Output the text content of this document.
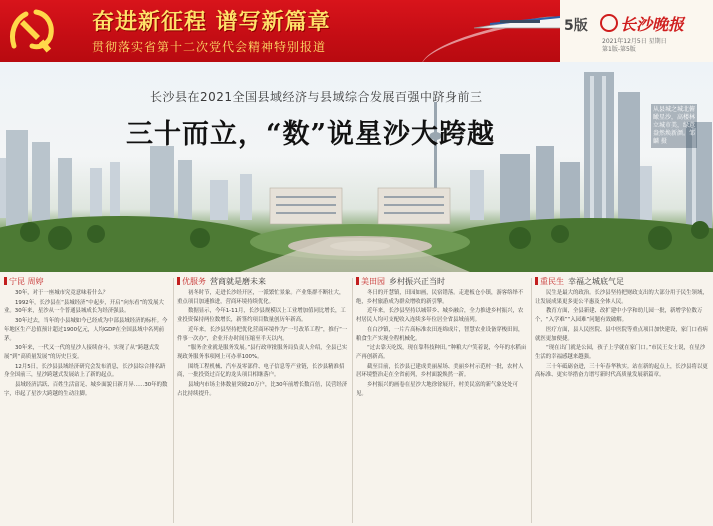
奋进新征程 谱写新篇章
贯彻落实省第十二次党代会精神特别报道
5版	长沙晚报
2021年12月5日 星期日
第1版-第5版
长沙县在2021全国县域经济与县域综合发展百强中跻身前三
三十而立，“数”说星沙大跨越
从县城之城北俯瞰星沙，高楼林立城市美，绿意盎然焕新颜。邹麟 摄
宁昆 周婷

30年，对于一座城市究竟意味着什么？

1992年，长沙县在“县城经济”中起步，开启“向东看”的发展大业。30年来，星沙从一个普通县城成长为经济强县。

30年过去，当年的小县城如今已经成为中部县域经济的标杆。今年地区生产总值预计超过1900亿元，人均GDP在全国县域中名列前茅。

30年来，一代又一代的星沙人接续奋斗，实现了从“跨越式发展”到“高质量发展”的历史巨变。

12月5日，长沙县县域经济研究会发布消息，长沙县综合排名跻身全国前三，星沙跨越式发展站上了新的起点。

县域经济活跃、百姓生活富足、城乡面貌日新月异……30年的数字，串起了星沙大跨越的生动注脚。

优服务 营商就是磨未来

初冬时节，走进长沙经开区，一派繁忙景象。产业集群不断壮大，重点项目加速推进，营商环境持续优化。

数据显示，今年1-11月，长沙县规模以上工业增加值同比增长，工业投资保持两位数增长，新签约项目数量创历年新高。

近年来，长沙县坚持把优化营商环境作为“一号改革工程”，推行“一件事一次办”，企业开办时间压缩至半天以内。

“服务企业就是服务发展。”县行政审批服务局负责人介绍，全县已实现政务服务事项网上可办率100%。

围绕工程机械、汽车及零部件、电子信息等产业链，长沙县精准招商，一批投资过百亿的龙头项目相继落户。

县域内市场主体数量突破20万户，比30年前增长数百倍，民营经济占比持续提升。

美田园 乡村振兴正当时

冬日的开慧镇，田园如画，民宿错落。走进板仓小镇，游客络绎不绝，乡村旅游成为群众增收的新引擎。

近年来，长沙县坚持以城带乡、城乡融合，全力推进乡村振兴，农村居民人均可支配收入连续多年位居全省县域前列。

在白沙镇，一片片高标准农田连绵成片，智慧农业设备穿梭田间，粮食生产实现全程机械化。

“过去靠天吃饭，现在靠科技种田。”种粮大户笑着说，今年的水稻亩产再创新高。

截至目前，长沙县已建成美丽屋场、美丽乡村示范村一批，农村人居环境整治走在全省前列，乡村面貌焕然一新。

乡村振兴的画卷在星沙大地徐徐展开，村美民富的新气象处处可见。

重民生 幸福之城底气足

民生是最大的政治。长沙县坚持把财政支出的大部分用于民生领域，让发展成果更多更公平惠及全体人民。

教育方面，全县新建、改扩建中小学和幼儿园一批，新增学位数万个，“入学难”“入园难”问题有效破解。

医疗方面，县人民医院、县中医院等重点项目加快建设，家门口看病就医更加便捷。

“现在出门就是公园，孩子上学就在家门口。”市民王女士说，在星沙生活的幸福感越来越强。

三十年砥砺奋进，三十年春华秋实。站在新的起点上，长沙县将以更高标准、更实举措奋力谱写新时代高质量发展新篇章。
